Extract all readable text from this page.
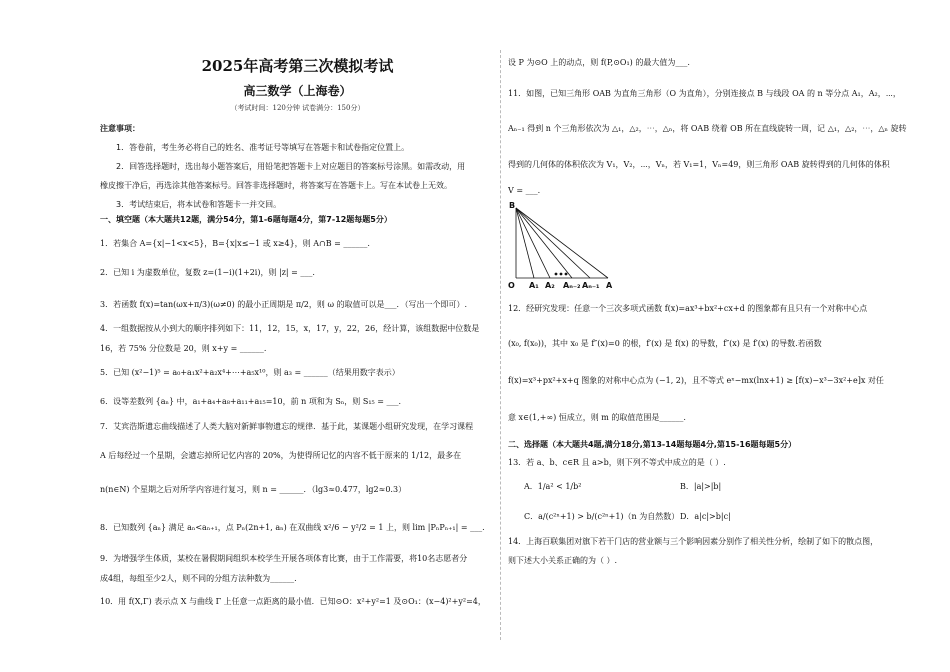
2025年高考第三次模拟考试
高三数学（上海卷）
（考试时间：120分钟 试卷满分：150分）
注意事项：
1．答卷前，考生务必将自己的姓名、准考证号等填写在答题卡和试卷指定位置上。
2．回答选择题时，选出每小题答案后，用铅笔把答题卡上对应题目的答案标号涂黑。如需改动，用
橡皮擦干净后，再选涂其他答案标号。回答非选择题时，将答案写在答题卡上。写在本试卷上无效。
3．考试结束后，将本试卷和答题卡一并交回。
一、填空题（本大题共12题，满分54分，第1-6题每题4分，第7-12题每题5分）
1．若集合 A={x|−1<x<5}，B={x|x≤−1 或 x≥4}，则 A∩B = ______.
2．已知 i 为虚数单位，复数 z=(1−i)(1+2i)，则 |z| = ___.
3．若函数 f(x)=tan(ωx+π/3)(ω≠0) 的最小正周期是 π/2，则 ω 的取值可以是___．（写出一个即可）.
4．一组数据按从小到大的顺序排列如下：11，12，15，x，17，y，22，26，经计算，该组数据中位数是
16，若 75% 分位数是 20，则 x+y = ______.
5．已知 (x²−1)⁵ = a₀+a₁x²+a₂x⁴+⋯+a₅x¹⁰，则 a₃ = ______（结果用数字表示）
6．设等差数列 {aₙ} 中，a₁+a₄+a₈+a₁₁+a₁₅=10，前 n 项和为 Sₙ，则 S₁₅ = ___.
7．艾宾浩斯遗忘曲线描述了人类大脑对新鲜事物遗忘的规律．基于此，某课题小组研究发现，在学习课程
A 后每经过一个星期，会遗忘掉所记忆内容的 20%，为使得所记忆的内容不低于原来的 1/12，最多在
n(n∈N) 个星期之后对所学内容进行复习，则 n = ______．（lg3≈0.477，lg2≈0.3）
8．已知数列 {aₙ} 满足 aₙ<aₙ₊₁，点 Pₙ(2n+1, aₙ) 在双曲线 x²/6 − y²/2 = 1 上，则 lim |PₙPₙ₊₁| = ___.
9．为增强学生体质，某校在暑假期间组织本校学生开展各项体育比赛，由于工作需要，将10名志愿者分
成4组，每组至少2人，则不同的分组方法种数为______.
10．用 f(X,Γ) 表示点 X 与曲线 Γ 上任意一点距离的最小值．已知⊙O：x²+y²=1 及⊙O₁：(x−4)²+y²=4，
设 P 为⊙O 上的动点，则 f(P,⊙O₁) 的最大值为___.
11．如图，已知三角形 OAB 为直角三角形（O 为直角），分别连接点 B 与线段 OA 的 n 等分点 A₁，A₂，⋯，
Aₙ₋₁ 得到 n 个三角形依次为 △₁，△₂，⋯，△ₙ，将 OAB 绕着 OB 所在直线旋转一周，记 △₁，△₂，⋯，△ₙ 旋转
得到的几何体的体积依次为 V₁，V₂，⋯，Vₙ，若 V₁=1，Vₙ=49，则三角形 OAB 旋转得到的几何体的体积
V = ___.
B
O A₁ A₂ Aₙ₋₂ Aₙ₋₁ A
12．经研究发现：任意一个三次多项式函数 f(x)=ax³+bx²+cx+d 的图象都有且只有一个对称中心点
(x₀, f(x₀))，其中 x₀ 是 f″(x)=0 的根，f′(x) 是 f(x) 的导数，f″(x) 是 f′(x) 的导数.若函数
f(x)=x³+px²+x+q 图象的对称中心点为 (−1, 2)，且不等式 eˣ−mx(lnx+1) ≥ [f(x)−x³−3x²+e]x 对任
意 x∈(1,+∞) 恒成立，则 m 的取值范围是______.
二、选择题（本大题共4题,满分18分,第13-14题每题4分,第15-16题每题5分）
13．若 a、b、c∈R 且 a>b，则下列不等式中成立的是（ ）.
A．1/a² < 1/b²	B．|a|>|b|
C．a/(c²ⁿ+1) > b/(c²ⁿ+1)（n 为自然数） D．a|c|>b|c|
14．上海百联集团对旗下若干门店的营业额与三个影响因素分别作了相关性分析，绘制了如下的散点图，
则下述大小关系正确的为（ ）.
